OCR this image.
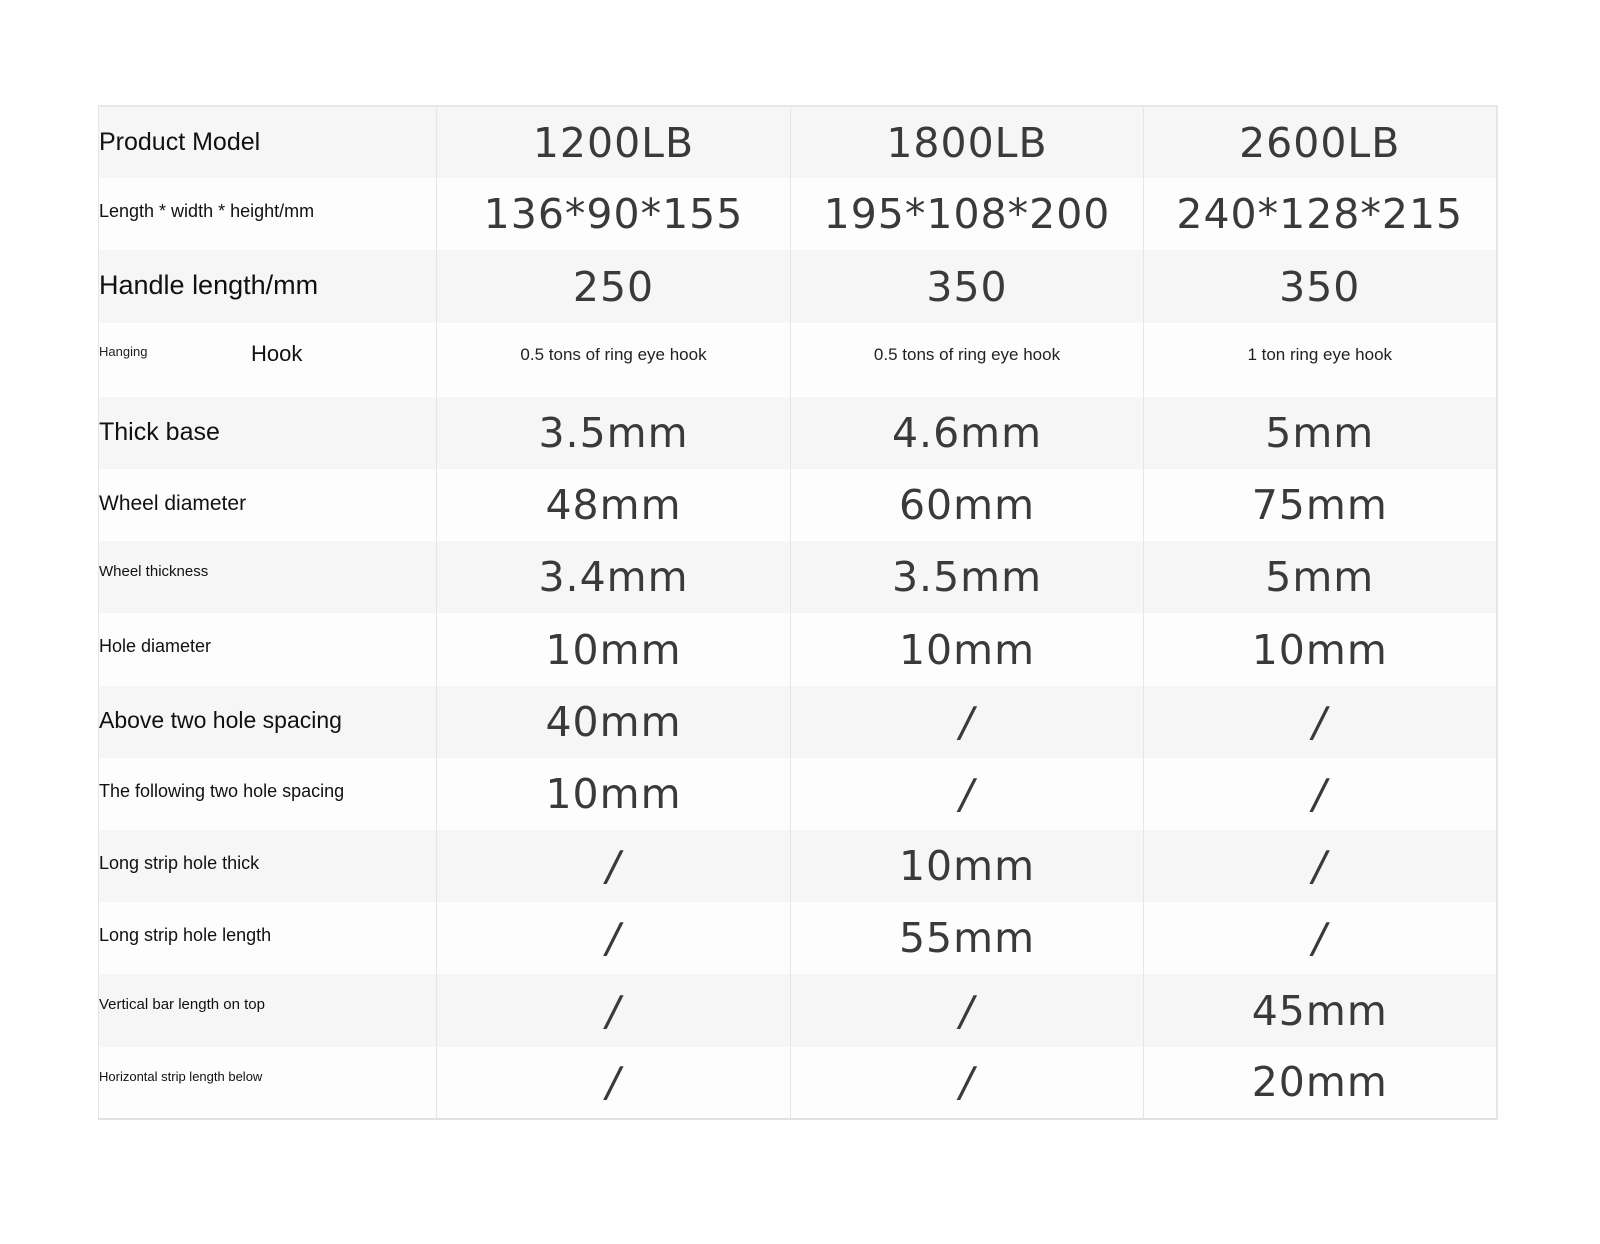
Product Model	1200LB	1800LB	2600LB
Length * width * height/mm	136*90*155	195*108*200	240*128*215
Handle length/mm	250	350	350
Hanging Hook	0.5 tons of ring eye hook	0.5 tons of ring eye hook	1 ton ring eye hook
Thick base	3.5mm	4.6mm	5mm
Wheel diameter	48mm	60mm	75mm
Wheel thickness	3.4mm	3.5mm	5mm
Hole diameter	10mm	10mm	10mm
Above two hole spacing	40mm	/	/
The following two hole spacing	10mm	/	/
Long strip hole thick	/	10mm	/
Long strip hole length	/	55mm	/
Vertical bar length on top	/	/	45mm
Horizontal strip length below	/	/	20mm
